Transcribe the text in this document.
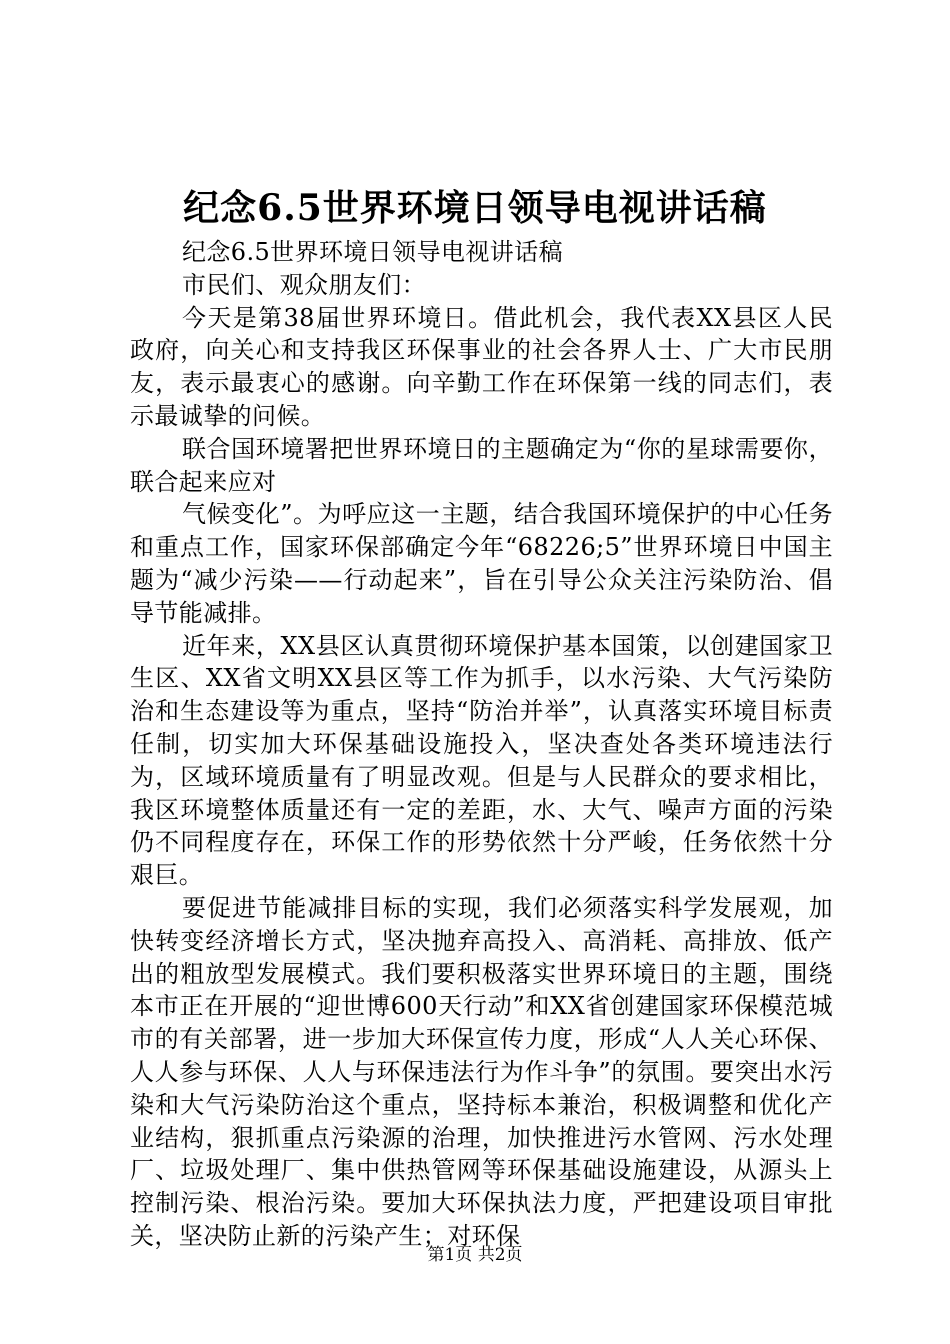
纪念6.5世界环境日领导电视讲话稿

纪念6.5世界环境日领导电视讲话稿

市民们、观众朋友们：

今天是第38届世界环境日。借此机会，我代表XX县区人民政府，向关心和支持我区环保事业的社会各界人士、广大市民朋友，表示最衷心的感谢。向辛勤工作在环保第一线的同志们，表示最诚挚的问候。

联合国环境署把世界环境日的主题确定为“你的星球需要你，联合起来应对

气候变化”。为呼应这一主题，结合我国环境保护的中心任务和重点工作，国家环保部确定今年“68226;5”世界环境日中国主题为“减少污染——行动起来”，旨在引导公众关注污染防治、倡导节能减排。

近年来，XX县区认真贯彻环境保护基本国策，以创建国家卫生区、XX省文明XX县区等工作为抓手，以水污染、大气污染防治和生态建设等为重点，坚持“防治并举”，认真落实环境目标责任制，切实加大环保基础设施投入，坚决查处各类环境违法行为，区域环境质量有了明显改观。但是与人民群众的要求相比，我区环境整体质量还有一定的差距，水、大气、噪声方面的污染仍不同程度存在，环保工作的形势依然十分严峻，任务依然十分艰巨。

要促进节能减排目标的实现，我们必须落实科学发展观，加快转变经济增长方式，坚决抛弃高投入、高消耗、高排放、低产出的粗放型发展模式。我们要积极落实世界环境日的主题，围绕本市正在开展的“迎世博600天行动”和XX省创建国家环保模范城市的有关部署，进一步加大环保宣传力度，形成“人人关心环保、人人参与环保、人人与环保违法行为作斗争”的氛围。要突出水污染和大气污染防治这个重点，坚持标本兼治，积极调整和优化产业结构，狠抓重点污染源的治理，加快推进污水管网、污水处理厂、垃圾处理厂、集中供热管网等环保基础设施建设，从源头上控制污染、根治污染。要加大环保执法力度，严把建设项目审批关，坚决防止新的污染产生；对环保

第1页 共2页
